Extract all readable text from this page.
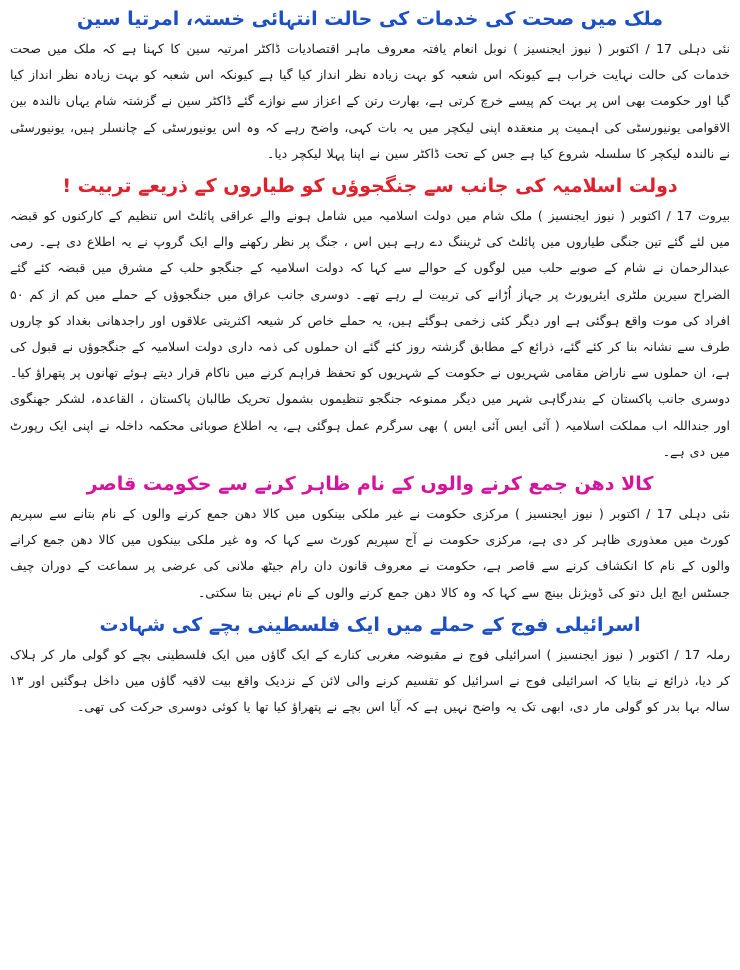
ملک میں صحت کی خدمات کی حالت انتہائی خستہ، امرتیا سین

نئی دہلی 17 / اکتوبر ( نیوز ایجنسیز ) نوبل انعام یافتہ معروف ماہر اقتصادیات ڈاکٹر امرتیہ سین کا کہنا ہے کہ ملک میں صحت خدمات کی حالت نہایت خراب ہے کیونکہ اس شعبہ کو بہت زیادہ نظر انداز کیا گیا ہے کیونکہ اس شعبہ کو بہت زیادہ نظر انداز کیا گیا اور حکومت بھی اس پر بہت کم پیسے خرچ کرتی ہے، بھارت رتن کے اعزاز سے نوازے گئے ڈاکٹر سین نے گزشتہ شام یہاں نالندہ بین الاقوامی یونیورسٹی کی اہمیت پر منعقدہ اپنی لیکچر میں یہ بات کہی، واضح رہے کہ وہ اس یونیورسٹی کے چانسلر ہیں، یونیورسٹی نے نالندہ لیکچر کا سلسلہ شروع کیا ہے جس کے تحت ڈاکٹر سین نے اپنا پہلا لیکچر دیا۔

دولت اسلامیہ کی جانب سے جنگجوؤں کو طیاروں کے ذریعے تربیت !

بیروت 17 / اکتوبر ( نیوز ایجنسیز ) ملک شام میں دولت اسلامیہ میں شامل ہونے والے عراقی پائلٹ اس تنظیم کے کارکنوں کو قبضہ میں لئے گئے تین جنگی طیاروں میں پائلٹ کی ٹریننگ دے رہے ہیں اس ، جنگ پر نظر رکھنے والے ایک گروپ نے یہ اطلاع دی ہے۔ رمی عبدالرحمان نے شام کے صوبے حلب میں لوگوں کے حوالے سے کہا کہ دولت اسلامیہ کے جنگجو حلب کے مشرق میں قبضہ کئے گئے الضراح سیرین ملٹری ایئرپورٹ پر جہاز اُڑانے کی تربیت لے رہے تھے۔ دوسری جانب عراق میں جنگجوؤں کے حملے میں کم از کم ۵۰ افراد کی موت واقع ہوگئی ہے اور دیگر کئی زخمی ہوگئے ہیں، یہ حملے خاص کر شیعہ اکثریتی علاقوں اور راجدھانی بغداد کو چاروں طرف سے نشانہ بنا کر کئے گئے، ذرائع کے مطابق گزشتہ روز کئے گئے ان حملوں کی ذمہ داری دولت اسلامیہ کے جنگجوؤں نے قبول کی ہے، ان حملوں سے ناراض مقامی شہریوں نے حکومت کے شہریوں کو تحفظ فراہم کرنے میں ناکام قرار دیتے ہوئے تھانوں پر پتھراؤ کیا۔ دوسری جانب پاکستان کے بندرگاہی شہر میں دیگر ممنوعہ جنگجو تنظیموں بشمول تحریک طالبان پاکستان ، القاعدہ، لشکر جھنگوی اور جنداللہ اب مملکت اسلامیہ ( آئی ایس آئی ایس ) بھی سرگرم عمل ہوگئی ہے، یہ اطلاع صوبائی محکمہ داخلہ نے اپنی ایک رپورٹ میں دی ہے۔

کالا دھن جمع کرنے والوں کے نام ظاہر کرنے سے حکومت قاصر

نئی دہلی 17 / اکتوبر ( نیوز ایجنسیز ) مرکزی حکومت نے غیر ملکی بینکوں میں کالا دھن جمع کرنے والوں کے نام بتانے سے سپریم کورٹ میں معذوری ظاہر کر دی ہے، مرکزی حکومت نے آج سپریم کورٹ سے کہا کہ وہ غیر ملکی بینکوں میں کالا دھن جمع کرانے والوں کے نام کا انکشاف کرنے سے قاصر ہے، حکومت نے معروف قانون دان رام جیٹھ ملانی کی عرضی پر سماعت کے دوران چیف جسٹس ایچ ایل دتو کی ڈویژنل بینچ سے کہا کہ وہ کالا دھن جمع کرنے والوں کے نام نہیں بتا سکتی۔

اسرائیلی فوج کے حملے میں ایک فلسطینی بچے کی شہادت

رملہ 17 / اکتوبر ( نیوز ایجنسیز ) اسرائیلی فوج نے مقبوضہ مغربی کنارے کے ایک گاؤں میں ایک فلسطینی بچے کو گولی مار کر ہلاک کر دیا، ذرائع نے بتایا کہ اسرائیلی فوج نے اسرائیل کو تقسیم کرنے والی لائن کے نزدیک واقع بیت لاقیہ گاؤں میں داخل ہوگئیں اور ۱۳ سالہ بہا بدر کو گولی مار دی، ابھی تک یہ واضح نہیں ہے کہ آیا اس بچے نے پتھراؤ کیا تھا یا کوئی دوسری حرکت کی تھی۔
